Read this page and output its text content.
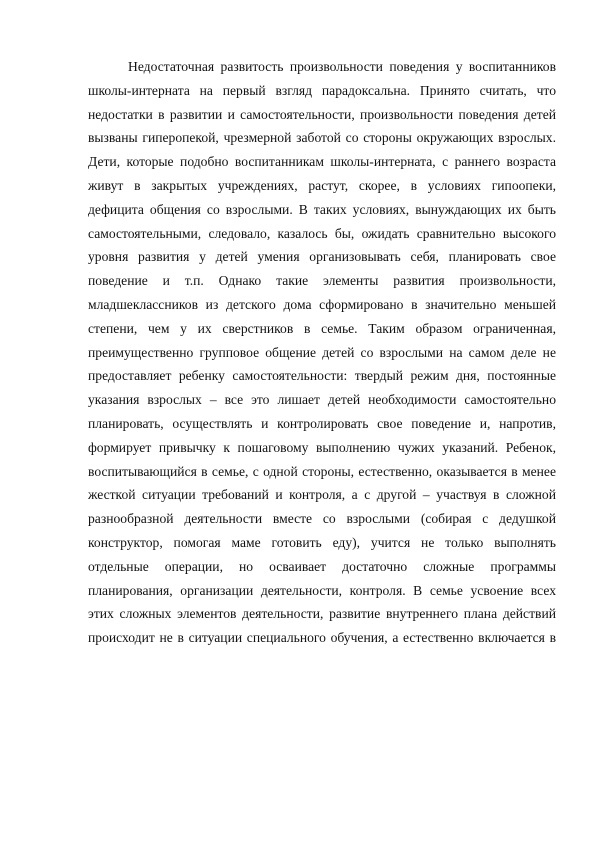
Недостаточная развитость произвольности поведения у воспитанников
школы-интерната на первый взгляд парадоксальна. Принято считать, что
недостатки в развитии и самостоятельности, произвольности поведения детей
вызваны гиперопекой, чрезмерной заботой со стороны окружающих взрослых.
Дети, которые подобно воспитанникам школы-интерната, с раннего возраста
живут в закрытых учреждениях, растут, скорее, в условиях гипоопеки,
дефицита общения со взрослыми. В таких условиях, вынуждающих их быть
самостоятельными, следовало, казалось бы, ожидать сравнительно высокого
уровня развития у детей умения организовывать себя, планировать свое
поведение и т.п. Однако такие элементы развития произвольности,
младшеклассников из детского дома сформировано в значительно меньшей
степени, чем у их сверстников в семье. Таким образом ограниченная,
преимущественно групповое общение детей со взрослыми на самом деле не
предоставляет ребенку самостоятельности: твердый режим дня, постоянные
указания взрослых – все это лишает детей необходимости самостоятельно
планировать, осуществлять и контролировать свое поведение и, напротив,
формирует привычку к пошаговому выполнению чужих указаний. Ребенок,
воспитывающийся в семье, с одной стороны, естественно, оказывается в менее
жесткой ситуации требований и контроля, а с другой – участвуя в сложной
разнообразной деятельности вместе со взрослыми (собирая с дедушкой
конструктор, помогая маме готовить еду), учится не только выполнять
отдельные операции, но осваивает достаточно сложные программы
планирования, организации деятельности, контроля. В семье усвоение всех
этих сложных элементов деятельности, развитие внутреннего плана действий
происходит не в ситуации специального обучения, а естественно включается в
